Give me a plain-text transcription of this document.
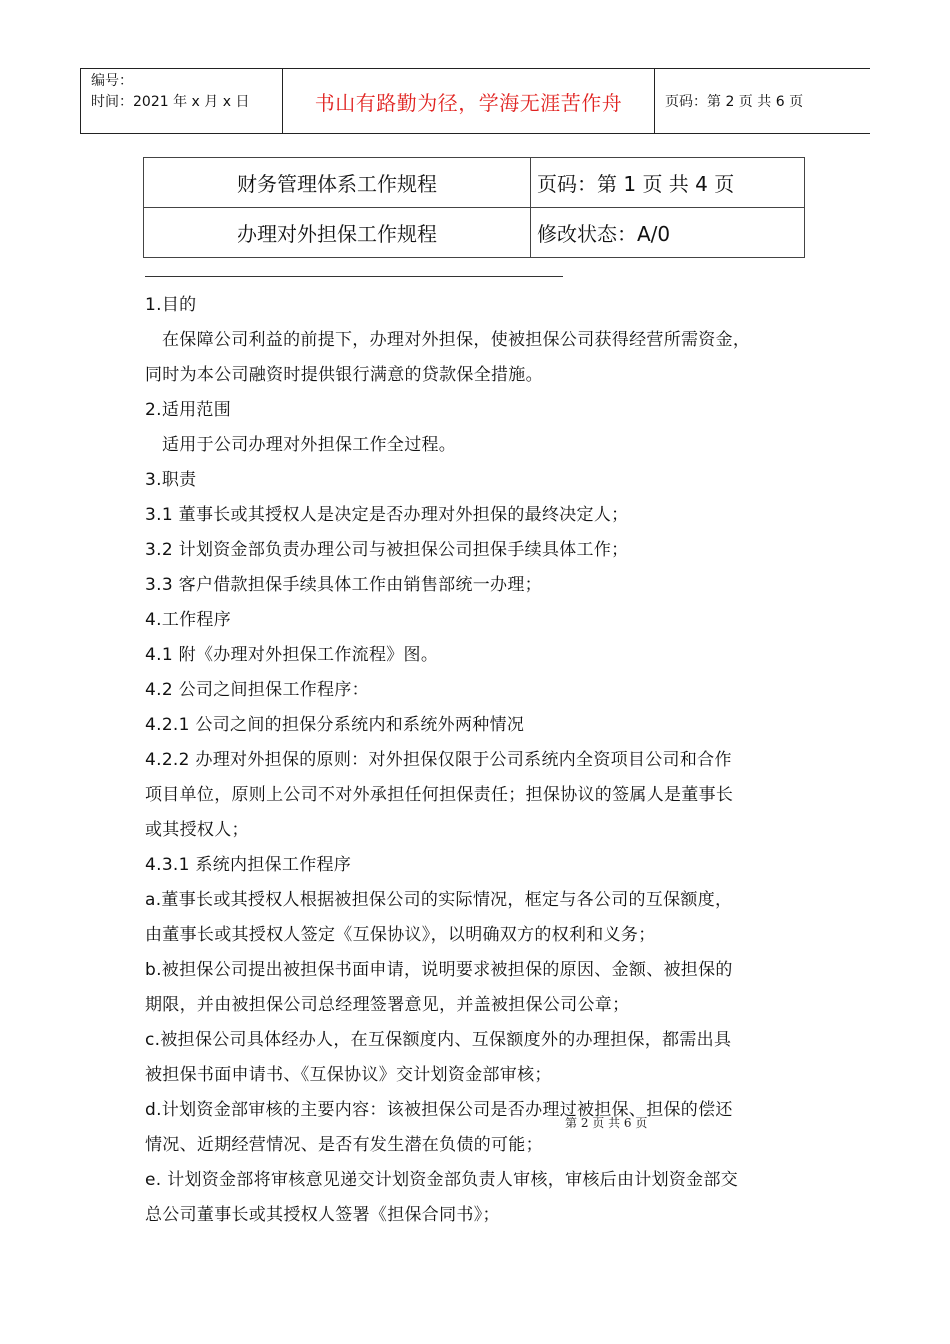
编号：
时间：2021 年 x 月 x 日	书山有路勤为径，学海无涯苦作舟	页码：第 2 页 共 6 页
财务管理体系工作规程	页码：第 1 页 共 4 页
办理对外担保工作规程	修改状态：A/0

1.目的

在保障公司利益的前提下，办理对外担保，使被担保公司获得经营所需资金，

同时为本公司融资时提供银行满意的贷款保全措施。

2.适用范围

适用于公司办理对外担保工作全过程。

3.职责

3.1 董事长或其授权人是决定是否办理对外担保的最终决定人；

3.2 计划资金部负责办理公司与被担保公司担保手续具体工作；

3.3 客户借款担保手续具体工作由销售部统一办理；

4.工作程序

4.1 附《办理对外担保工作流程》图。

4.2 公司之间担保工作程序：

4.2.1 公司之间的担保分系统内和系统外两种情况

4.2.2 办理对外担保的原则：对外担保仅限于公司系统内全资项目公司和合作

项目单位，原则上公司不对外承担任何担保责任；担保协议的签属人是董事长

或其授权人；

4.3.1 系统内担保工作程序

a.董事长或其授权人根据被担保公司的实际情况，框定与各公司的互保额度，

由董事长或其授权人签定《互保协议》，以明确双方的权利和义务；

b.被担保公司提出被担保书面申请，说明要求被担保的原因、金额、被担保的

期限，并由被担保公司总经理签署意见，并盖被担保公司公章；

c.被担保公司具体经办人，在互保额度内、互保额度外的办理担保，都需出具

被担保书面申请书、《互保协议》交计划资金部审核；

d.计划资金部审核的主要内容：该被担保公司是否办理过被担保、担保的偿还

情况、近期经营情况、是否有发生潜在负债的可能；

e. 计划资金部将审核意见递交计划资金部负责人审核，审核后由计划资金部交

总公司董事长或其授权人签署《担保合同书》；

第 2 页 共 6 页
